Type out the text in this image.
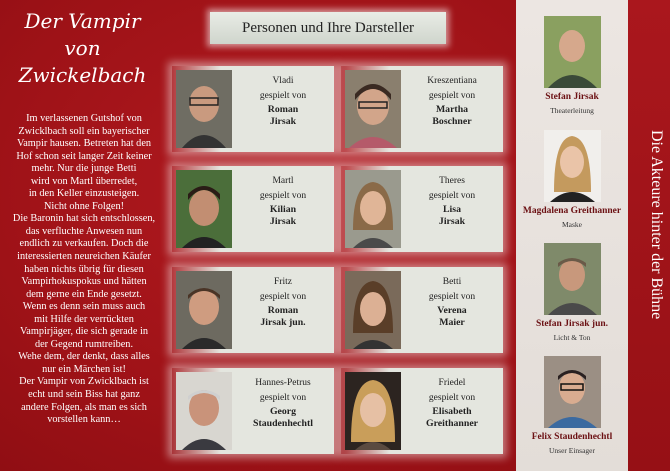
Der Vampir
von
Zwickelbach
Im verlassenen Gutshof von
Zwicklbach soll ein bayerischer
Vampir hausen. Betreten hat den
Hof schon seit langer Zeit keiner
mehr. Nur die junge Betti
wird von Martl überredet,
in den Keller einzusteigen.
Nicht ohne Folgen!
Die Baronin hat sich entschlossen,
das verfluchte Anwesen nun
endlich zu verkaufen. Doch die
interessierten neureichen Käufer
haben nichts übrig für diesen
Vampirhokuspokus und hätten
dem gerne ein Ende gesetzt.
Wenn es denn sein muss auch
mit Hilfe der verrückten
Vampirjäger, die sich gerade in
der Gegend rumtreiben.
Wehe dem, der denkt, dass alles
nur ein Märchen ist!
Der Vampir von Zwicklbach ist
echt und sein Biss hat ganz
andere Folgen, als man es sich
vorstellen kann…
Personen und Ihre Darsteller
Vladi
gespielt von
Roman
Jirsak
Kreszentiana
gespielt von
Martha
Boschner
Martl
gespielt von
Kilian
Jirsak
Theres
gespielt von
Lisa
Jirsak
Fritz
gespielt von
Roman
Jirsak jun.
Betti
gespielt von
Verena
Maier
Hannes-Petrus
gespielt von
Georg
Staudenhechtl
Friedel
gespielt von
Elisabeth
Greithanner
Stefan Jirsak
Theaterleitung
Magdalena Greithanner
Maske
Stefan Jirsak jun.
Licht & Ton
Felix Staudenhechtl
Unser Einsager
Die Akteure hinter der Bühne
